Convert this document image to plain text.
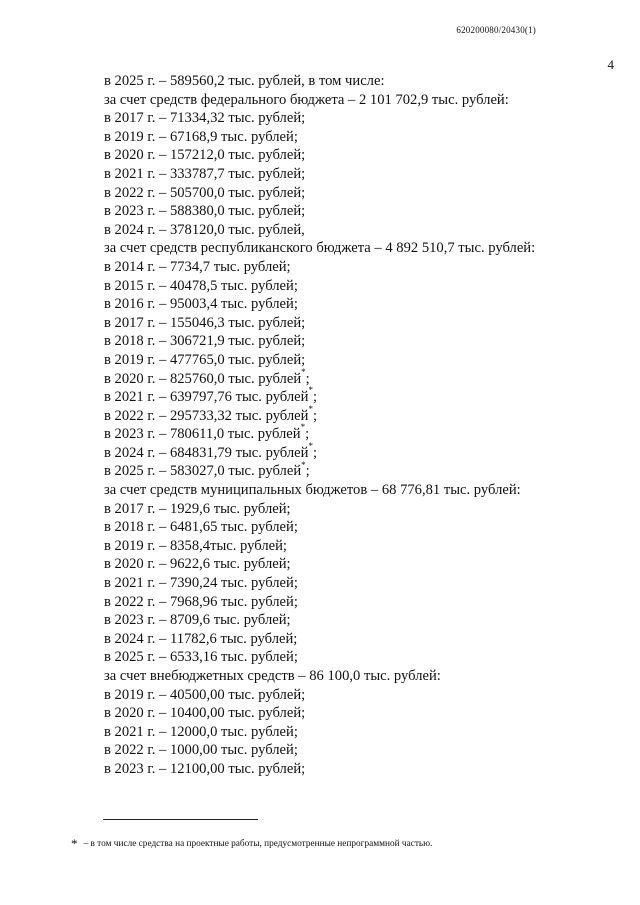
620200080/20430(1)
4
в 2025 г. – 589560,2 тыс. рублей, в том числе:
за счет средств федерального бюджета – 2 101 702,9 тыс. рублей:
в 2017 г. – 71334,32 тыс. рублей;
в 2019 г. – 67168,9 тыс. рублей;
в 2020 г. – 157212,0 тыс. рублей;
в 2021 г. – 333787,7 тыс. рублей;
в 2022 г. – 505700,0 тыс. рублей;
в 2023 г. – 588380,0 тыс. рублей;
в 2024 г. – 378120,0 тыс. рублей,
за счет средств республиканского бюджета – 4 892 510,7 тыс. рублей:
в 2014 г. – 7734,7 тыс. рублей;
в 2015 г. – 40478,5 тыс. рублей;
в 2016 г. – 95003,4 тыс. рублей;
в 2017 г. – 155046,3 тыс. рублей;
в 2018 г. – 306721,9 тыс. рублей;
в 2019 г. – 477765,0 тыс. рублей;
в 2020 г. – 825760,0 тыс. рублей*;
в 2021 г. – 639797,76 тыс. рублей*;
в 2022 г. – 295733,32 тыс. рублей*;
в 2023 г. – 780611,0 тыс. рублей*;
в 2024 г. – 684831,79 тыс. рублей*;
в 2025 г. – 583027,0 тыс. рублей*;
за счет средств муниципальных бюджетов – 68 776,81 тыс. рублей:
в 2017 г. – 1929,6 тыс. рублей;
в 2018 г. – 6481,65 тыс. рублей;
в 2019 г. – 8358,4тыс. рублей;
в 2020 г. – 9622,6 тыс. рублей;
в 2021 г. – 7390,24 тыс. рублей;
в 2022 г. – 7968,96 тыс. рублей;
в 2023 г. – 8709,6 тыс. рублей;
в 2024 г. – 11782,6 тыс. рублей;
в 2025 г. – 6533,16 тыс. рублей;
за счет внебюджетных средств – 86 100,0 тыс. рублей:
в 2019 г. – 40500,00 тыс. рублей;
в 2020 г. – 10400,00 тыс. рублей;
в 2021 г. – 12000,0 тыс. рублей;
в 2022 г. – 1000,00 тыс. рублей;
в 2023 г. – 12100,00 тыс. рублей;
* – в том числе средства на проектные работы, предусмотренные непрограммной частью.
